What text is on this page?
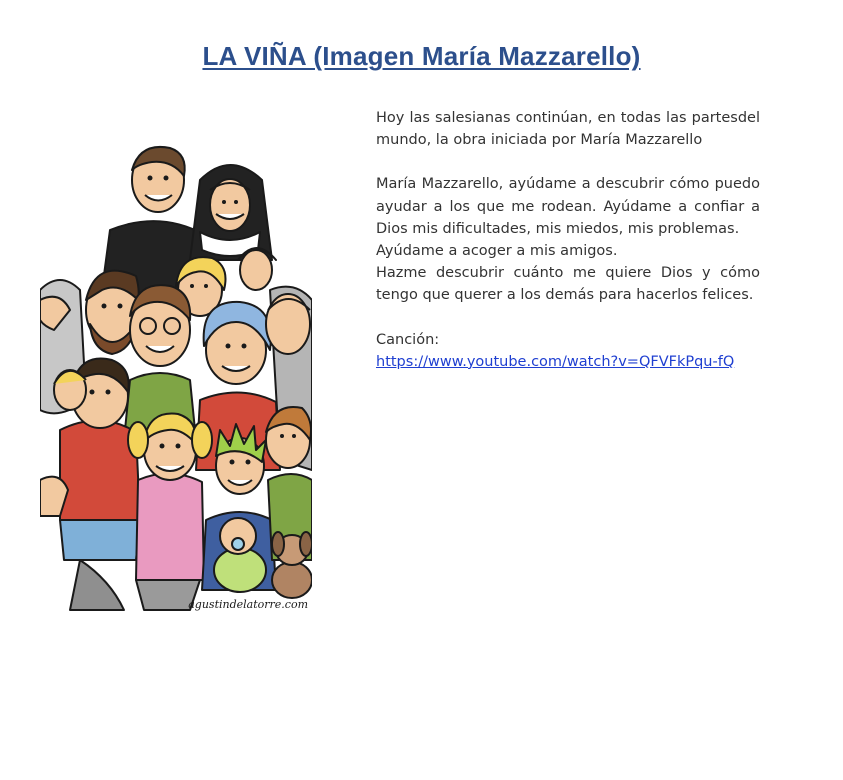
LA VIÑA (Imagen María Mazzarello)
agustindelatorre.com

Hoy las salesianas continúan, en todas las partesdel mundo, la obra iniciada por María Mazzarello

María Mazzarello, ayúdame a descubrir cómo puedo ayudar a los que me rodean. Ayúdame a confiar a Dios mis dificultades, mis miedos, mis problemas.

Ayúdame a acoger a mis amigos.

Hazme descubrir cuánto me quiere Dios y cómo tengo que querer a los demás para hacerlos felices.

Canción:

https://www.youtube.com/watch?v=QFVFkPqu-fQ
